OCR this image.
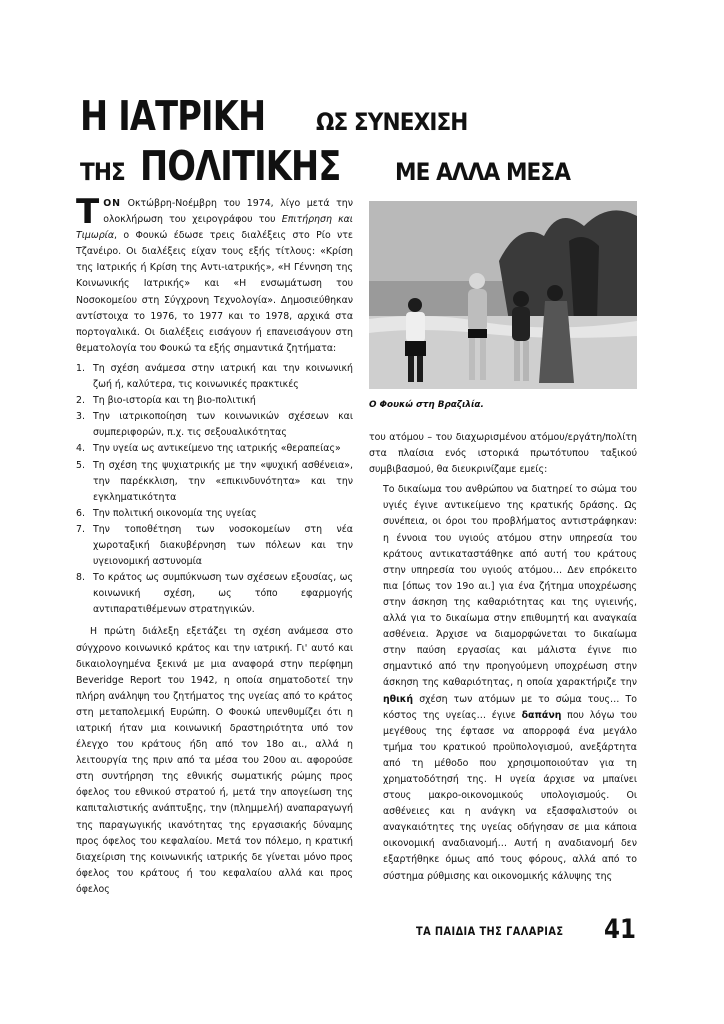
Η ΙΑΤΡΙΚΗ ΩΣ ΣΥΝΕΧΙΣΗ
ΤΗΣ ΠΟΛΙΤΙΚΗΣ ΜΕ ΑΛΛΑ ΜΕΣΑ

ΤΟΝ Οκτώβρη-Νοέμβρη του 1974, λίγο μετά την ολοκλήρωση του χειρογράφου του Επιτήρηση και Τιμωρία, ο Φουκώ έδωσε τρεις διαλέξεις στο Ρίο ντε Τζανέιρο. Οι διαλέξεις είχαν τους εξής τίτλους: «Κρίση της Ιατρικής ή Κρίση της Αντι-ιατρικής», «Η Γέννηση της Κοινωνικής Ιατρικής» και «Η ενσωμάτωση του Νοσοκομείου στη Σύγχρονη Τεχνολογία». Δημοσιεύθηκαν αντίστοιχα το 1976, το 1977 και το 1978, αρχικά στα πορτογαλικά. Οι διαλέξεις εισάγουν ή επανεισάγουν στη θεματολογία του Φουκώ τα εξής σημαντικά ζητήματα:

1. Τη σχέση ανάμεσα στην ιατρική και την κοινωνική ζωή ή, καλύτερα, τις κοινωνικές πρακτικές
2. Τη βιο-ιστορία και τη βιο-πολιτική
3. Την ιατρικοποίηση των κοινωνικών σχέσεων και συμπεριφορών, π.χ. τις σεξουαλικότητας
4. Την υγεία ως αντικείμενο της ιατρικής «θεραπείας»
5. Τη σχέση της ψυχιατρικής με την «ψυχική ασθένεια», την παρέκκλιση, την «επικινδυνότητα» και την εγκληματικότητα
6. Την πολιτική οικονομία της υγείας
7. Την τοποθέτηση των νοσοκομείων στη νέα χωροταξική διακυβέρνηση των πόλεων και την υγειονομική αστυνομία
8. Το κράτος ως συμπύκνωση των σχέσεων εξουσίας, ως κοινωνική σχέση, ως τόπο εφαρμογής αντιπαρατιθέμενων στρατηγικών.

Η πρώτη διάλεξη εξετάζει τη σχέση ανάμεσα στο σύγχρονο κοινωνικό κράτος και την ιατρική. Γι' αυτό και δικαιολογημένα ξεκινά με μια αναφορά στην περίφημη Beveridge Report του 1942, η οποία σηματοδοτεί την πλήρη ανάληψη του ζητήματος της υγείας από το κράτος στη μεταπολεμική Ευρώπη. Ο Φουκώ υπενθυμίζει ότι η ιατρική ήταν μια κοινωνική δραστηριότητα υπό τον έλεγχο του κράτους ήδη από τον 18ο αι., αλλά η λειτουργία της πριν από τα μέσα του 20ου αι. αφορούσε στη συντήρηση της εθνικής σωματικής ρώμης προς όφελος του εθνικού στρατού ή, μετά την απογείωση της καπιταλιστικής ανάπτυξης, την (πλημμελή) αναπαραγωγή της παραγωγικής ικανότητας της εργασιακής δύναμης προς όφελος του κεφαλαίου. Μετά τον πόλεμο, η κρατική διαχείριση της κοινωνικής ιατρικής δε γίνεται μόνο προς όφελος του κράτους ή του κεφαλαίου αλλά και προς όφελος

Ο Φουκώ στη Βραζιλία.

του ατόμου – του διαχωρισμένου ατόμου/εργάτη/πολίτη στα πλαίσια ενός ιστορικά πρωτότυπου ταξικού συμβιβασμού, θα διευκρινίζαμε εμείς:

Το δικαίωμα του ανθρώπου να διατηρεί το σώμα του υγιές έγινε αντικείμενο της κρατικής δράσης. Ως συνέπεια, οι όροι του προβλήματος αντιστράφηκαν: η έννοια του υγιούς ατόμου στην υπηρεσία του κράτους αντικαταστάθηκε από αυτή του κράτους στην υπηρεσία του υγιούς ατόμου… Δεν επρόκειτο πια [όπως τον 19ο αι.] για ένα ζήτημα υποχρέωσης στην άσκηση της καθαριότητας και της υγιεινής, αλλά για το δικαίωμα στην επιθυμητή και αναγκαία ασθένεια. Άρχισε να διαμορφώνεται το δικαίωμα στην παύση εργασίας και μάλιστα έγινε πιο σημαντικό από την προηγούμενη υποχρέωση στην άσκηση της καθαριότητας, η οποία χαρακτήριζε την ηθική σχέση των ατόμων με το σώμα τους… Το κόστος της υγείας… έγινε δαπάνη που λόγω του μεγέθους της έφτασε να απορροφά ένα μεγάλο τμήμα του κρατικού προϋπολογισμού, ανεξάρτητα από τη μέθοδο που χρησιμοποιούταν για τη χρηματοδότησή της. Η υγεία άρχισε να μπαίνει στους μακρο-οικονομικούς υπολογισμούς. Οι ασθένειες και η ανάγκη να εξασφαλιστούν οι αναγκαιότητες της υγείας οδήγησαν σε μια κάποια οικονομική αναδιανομή… Αυτή η αναδιανομή δεν εξαρτήθηκε όμως από τους φόρους, αλλά από το σύστημα ρύθμισης και οικονομικής κάλυψης της

ΤΑ ΠΑΙΔΙΑ ΤΗΣ ΓΑΛΑΡΙΑΣ 41
